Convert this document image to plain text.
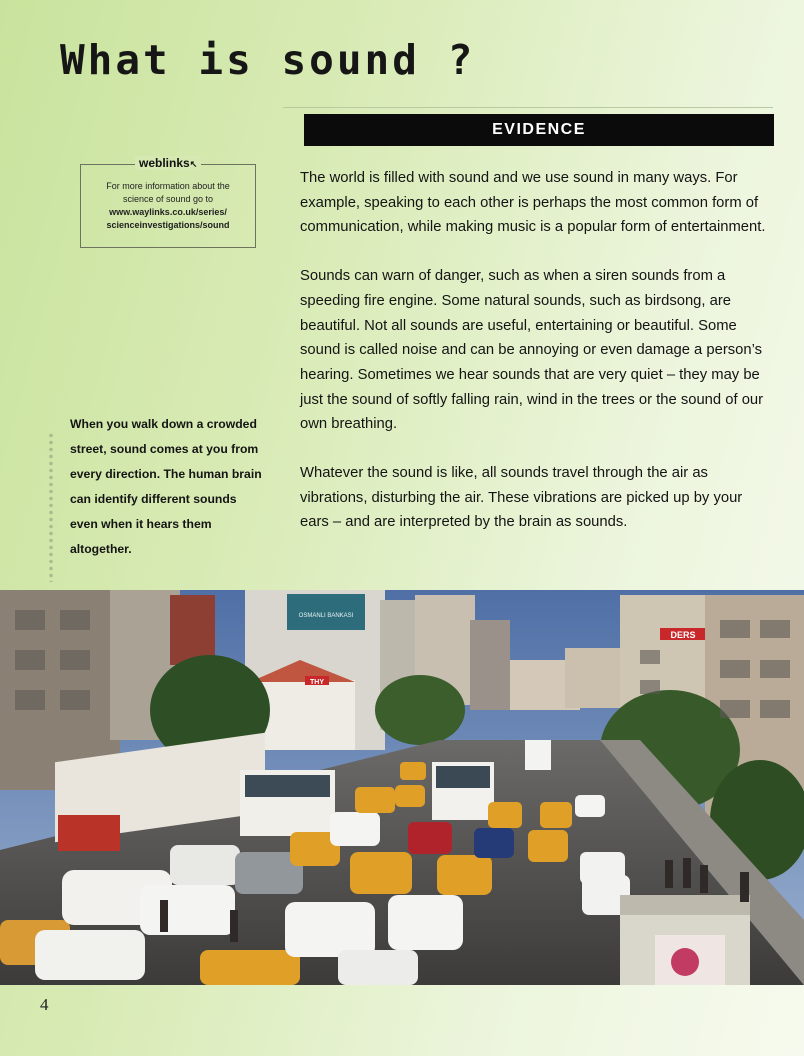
What is sound ?
EVIDENCE
weblinks↖
For more information about the
science of sound go to
www.waylinks.co.uk/series/
scienceinvestigations/sound

The world is filled with sound and we use sound in many ways. For example, speaking to each other is perhaps the most common form of communication, while making music is a popular form of entertainment.

Sounds can warn of danger, such as when a siren sounds from a speeding fire engine. Some natural sounds, such as birdsong, are beautiful. Not all sounds are useful, entertaining or beautiful. Some sound is called noise and can be annoying or even damage a person’s hearing. Sometimes we hear sounds that are very quiet – they may be just the sound of softly falling rain, wind in the trees or the sound of our own breathing.

Whatever the sound is like, all sounds travel through the air as vibrations, disturbing the air. These vibrations are picked up by your ears – and are interpreted by the brain as sounds.

When you walk down a crowded street, sound comes at you from every direction. The human brain can identify different sounds even when it hears them altogether.
OSMANLI BANKASI
DERS
THY
4
